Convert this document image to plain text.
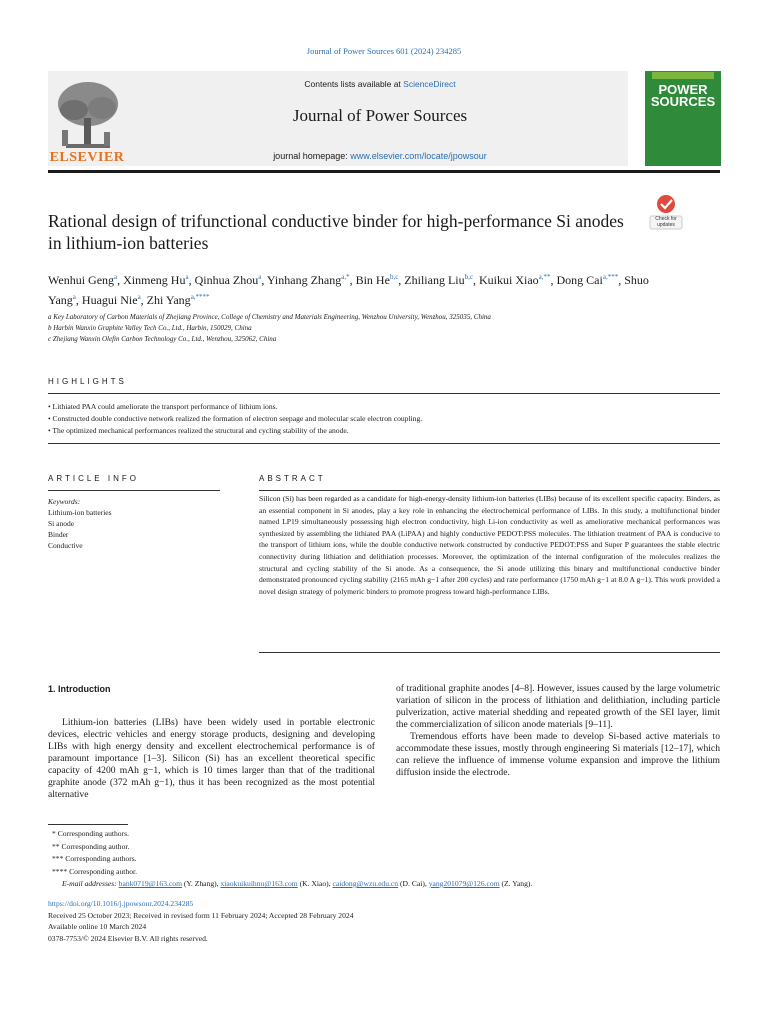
Journal of Power Sources 601 (2024) 234285
ELSEVIER
Contents lists available at ScienceDirect
Journal of Power Sources
journal homepage: www.elsevier.com/locate/jpowsour
POWER
SOURCES
Check for updates
Rational design of trifunctional conductive binder for high-performance Si anodes in lithium-ion batteries
Wenhui Geng$^a$, Xinmeng Hu$^a$, Qinhua Zhou$^a$, Yinhang Zhang$^{a,*}$, Bin He$^{b,c}$, Zhiliang Liu$^{b,c}$, Kuikui Xiao$^{a,**}$, Dong Cai$^{a,***}$, Shuo Yang$^a$, Huagui Nie$^a$, Zhi Yang$^{a,****}$
a Key Laboratory of Carbon Materials of Zhejiang Province, College of Chemistry and Materials Engineering, Wenzhou University, Wenzhou, 325035, China
b Harbin Wanxin Graphite Valley Tech Co., Ltd., Harbin, 150029, China
c Zhejiang Wanxin Olefin Carbon Technology Co., Ltd., Wenzhou, 325062, China
HIGHLIGHTS
• Lithiated PAA could ameliorate the transport performance of lithium ions.
• Constructed double conductive network realized the formation of electron seepage and molecular scale electron coupling.
• The optimized mechanical performances realized the structural and cycling stability of the anode.
ARTICLE INFO
Keywords:
Lithium-ion batteries
Si anode
Binder
Conductive
ABSTRACT
Silicon (Si) has been regarded as a candidate for high-energy-density lithium-ion batteries (LIBs) because of its excellent specific capacity. Binders, as an essential component in Si anodes, play a key role in enhancing the electrochemical performance of LIBs. In this study, a multifunctional binder named LP19 simultaneously possessing high electron conductivity, high Li-ion conductivity as well as ameliorative mechanical performances was synthesized by assembling the lithiated PAA (LiPAA) and highly conductive PEDOT:PSS molecules. The lithiation treatment of PAA is conducive to the transport of lithium ions, while the double conductive network constructed by conductive PEDOT:PSS and Super P guarantees the stable electric connectivity during lithiation and delithiation processes. Moreover, the optimization of the internal configuration of the molecules realizes the structural and cycling stability of the Si anode. As a consequence, the Si anode utilizing this binary and multifunctional conductive binder demonstrated pronounced cycling stability (2165 mAh g−1 after 200 cycles) and rate performance (1750 mAh g−1 at 8.0 A g−1). This work provided a novel design strategy of polymeric binders to promote progress toward high-performance LIBs.
1. Introduction

Lithium-ion batteries (LIBs) have been widely used in portable electronic devices, electric vehicles and energy storage products, designing and developing LIBs with high energy density and excellent electrochemical performance is of paramount importance [1–3]. Silicon (Si) has an excellent theoretical specific capacity of 4200 mAh g−1, which is 10 times larger than that of the traditional graphite anode (372 mAh g−1), thus it has been recognized as the most potential alternative

of traditional graphite anodes [4–8]. However, issues caused by the large volumetric variation of silicon in the process of lithiation and delithiation, including particle pulverization, active material shedding and repeated growth of the SEI layer, limit the commercialization of silicon anode materials [9–11].

Tremendous efforts have been made to develop Si-based active materials to accommodate these issues, mostly through engineering Si materials [12–17], which can relieve the influence of immense volume expansion and improve the lithium diffusion inside the electrode.

* Corresponding authors.
** Corresponding author.
*** Corresponding authors.
**** Corresponding author.
E-mail addresses: bank0719@163.com (Y. Zhang), xiaokuikuihnu@163.com (K. Xiao), caidong@wzu.edu.cn (D. Cai), yang201079@126.com (Z. Yang).
https://doi.org/10.1016/j.jpowsour.2024.234285
Received 25 October 2023; Received in revised form 11 February 2024; Accepted 28 February 2024
Available online 10 March 2024
0378-7753/© 2024 Elsevier B.V. All rights reserved.
